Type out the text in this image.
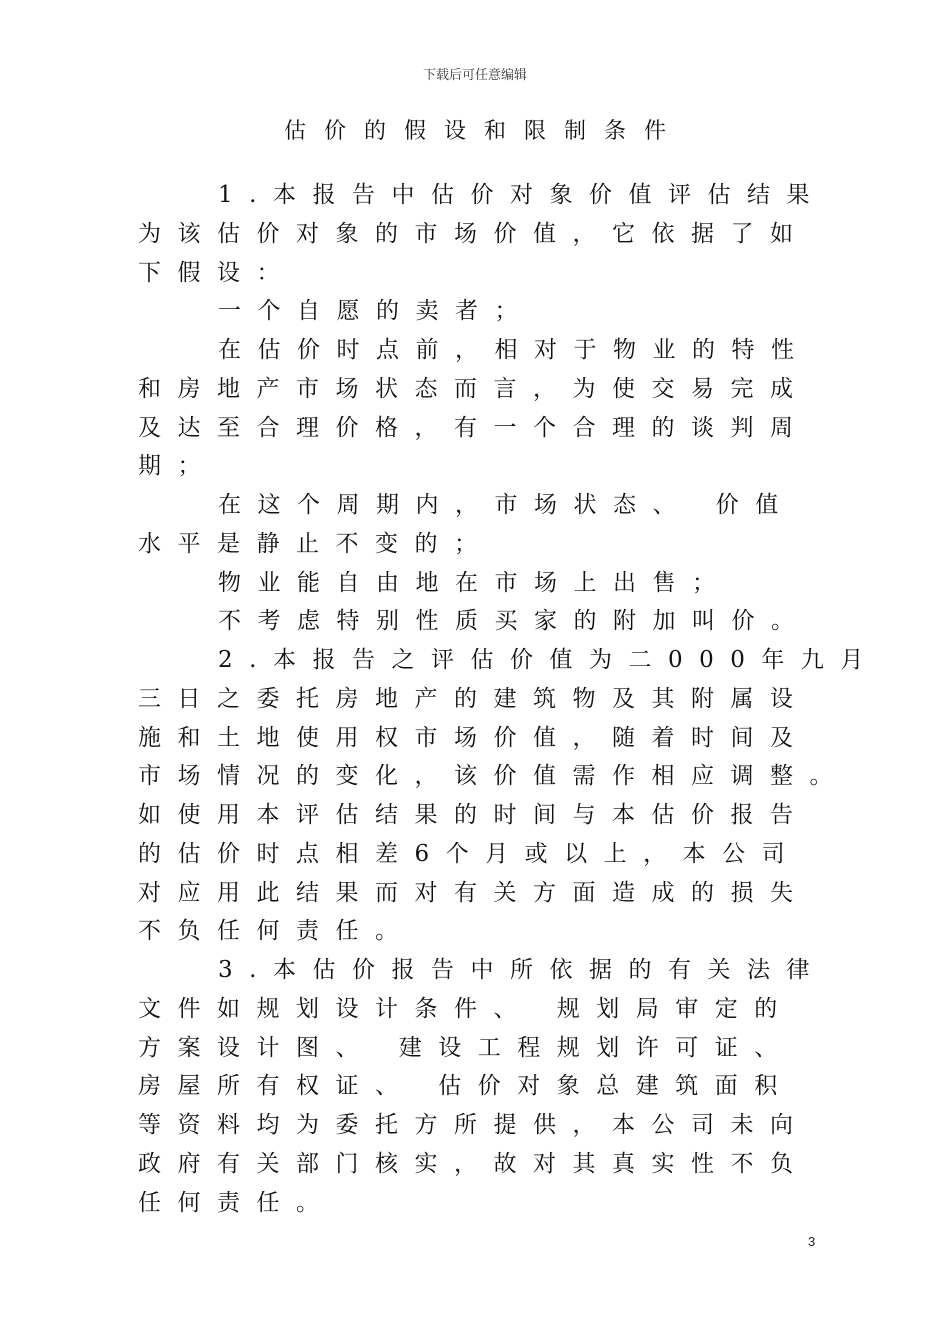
下载后可任意编辑
估价的假设和限制条件
1.本报告中估价对象价值评估结果
为该估价对象的市场价值，它依据了如
下假设：
一个自愿的卖者；
在估价时点前，相对于物业的特性
和房地产市场状态而言，为使交易完成
及达至合理价格，有一个合理的谈判周
期；
在这个周期内，市场状态、 价值
水平是静止不变的；
物业能自由地在市场上出售；
不考虑特别性质买家的附加叫价。
2.本报告之评估价值为二000年九月
三日之委托房地产的建筑物及其附属设
施和土地使用权市场价值，随着时间及
市场情况的变化，该价值需作相应调整。
如使用本评估结果的时间与本估价报告
的估价时点相差6个月或以上，本公司
对应用此结果而对有关方面造成的损失
不负任何责任。
3.本估价报告中所依据的有关法律
文件如规划设计条件、 规划局审定的
方案设计图、 建设工程规划许可证、
房屋所有权证、 估价对象总建筑面积
等资料均为委托方所提供，本公司未向
政府有关部门核实，故对其真实性不负
任何责任。
3
